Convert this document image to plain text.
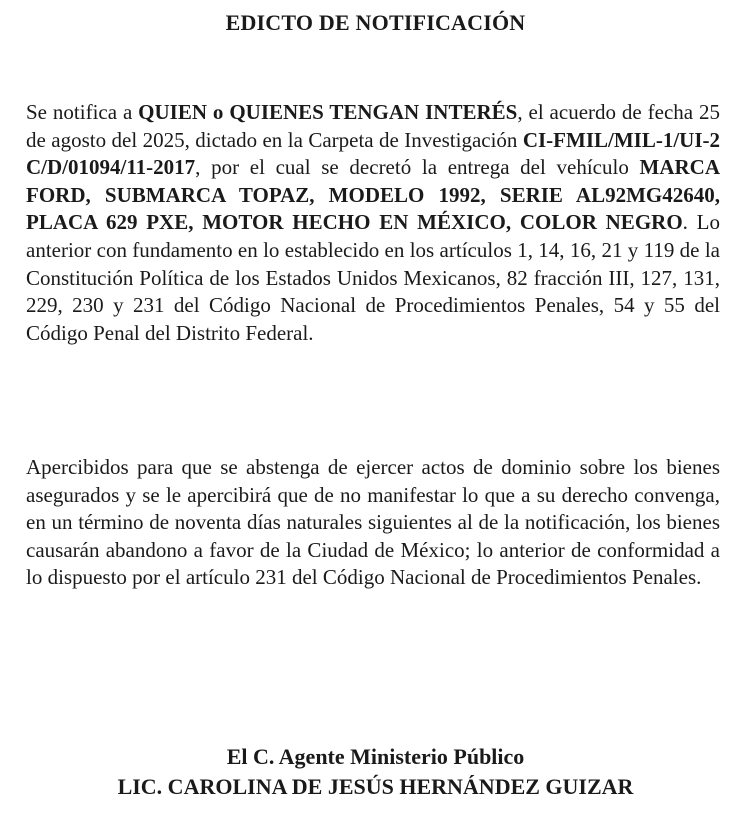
EDICTO DE NOTIFICACIÓN
Se notifica a QUIEN o QUIENES TENGAN INTERÉS, el acuerdo de fecha 25 de agosto del 2025, dictado en la Carpeta de Investigación CI-FMIL/MIL-1/UI-2 C/D/01094/11-2017, por el cual se decretó la entrega del vehículo MARCA FORD, SUBMARCA TOPAZ, MODELO 1992, SERIE AL92MG42640, PLACA 629 PXE, MOTOR HECHO EN MÉXICO, COLOR NEGRO. Lo anterior con fundamento en lo establecido en los artículos 1, 14, 16, 21 y 119 de la Constitución Política de los Estados Unidos Mexicanos, 82 fracción III, 127, 131, 229, 230 y 231 del Código Nacional de Procedimientos Penales, 54 y 55 del Código Penal del Distrito Federal.
Apercibidos para que se abstenga de ejercer actos de dominio sobre los bienes asegurados y se le apercibirá que de no manifestar lo que a su derecho convenga, en un término de noventa días naturales siguientes al de la notificación, los bienes causarán abandono a favor de la Ciudad de México; lo anterior de conformidad a lo dispuesto por el artículo 231 del Código Nacional de Procedimientos Penales.
El C. Agente Ministerio Público
LIC. CAROLINA DE JESÚS HERNÁNDEZ GUIZAR
